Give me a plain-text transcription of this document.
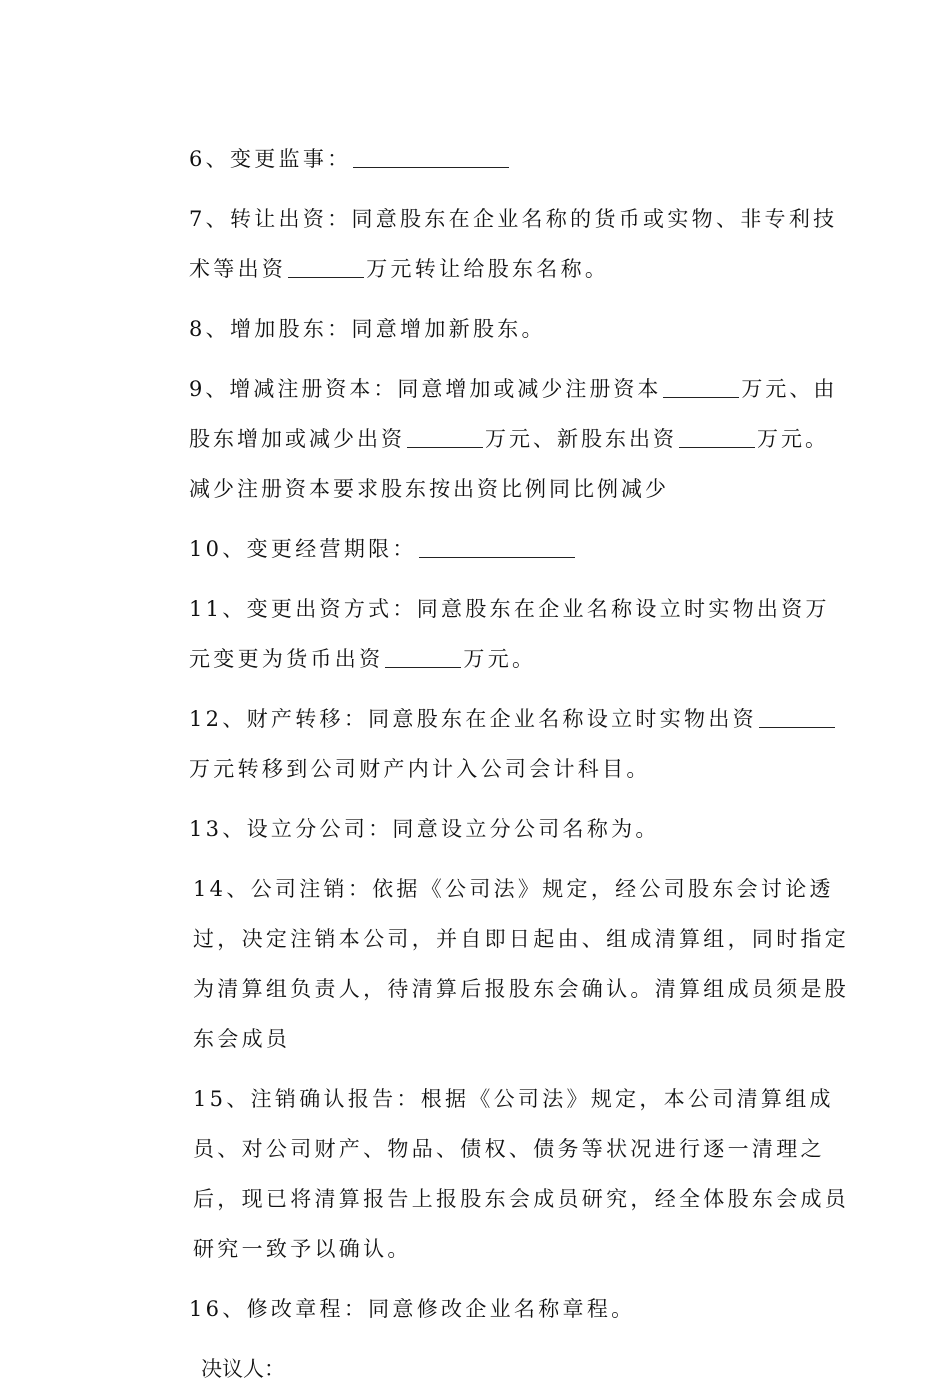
6、变更监事：

7、转让出资：同意股东在企业名称的货币或实物、非专利技术等出资	万元转让给股东名称。

8、增加股东：同意增加新股东。

9、增减注册资本：同意增加或减少注册资本	万元、由股东增加或减少出资	万元、新股东出资	万元。减少注册资本要求股东按出资比例同比例减少

10、变更经营期限：

11、变更出资方式：同意股东在企业名称设立时实物出资万元变更为货币出资	万元。

12、财产转移：同意股东在企业名称设立时实物出资万元转移到公司财产内计入公司会计科目。

13、设立分公司：同意设立分公司名称为。

14、公司注销：依据《公司法》规定，经公司股东会讨论透过，决定注销本公司，并自即日起由、组成清算组，同时指定为清算组负责人，待清算后报股东会确认。清算组成员须是股东会成员

15、注销确认报告：根据《公司法》规定，本公司清算组成员、对公司财产、物品、债权、债务等状况进行逐一清理之后，现已将清算报告上报股东会成员研究，经全体股东会成员研究一致予以确认。

16、修改章程：同意修改企业名称章程。

决议人：
